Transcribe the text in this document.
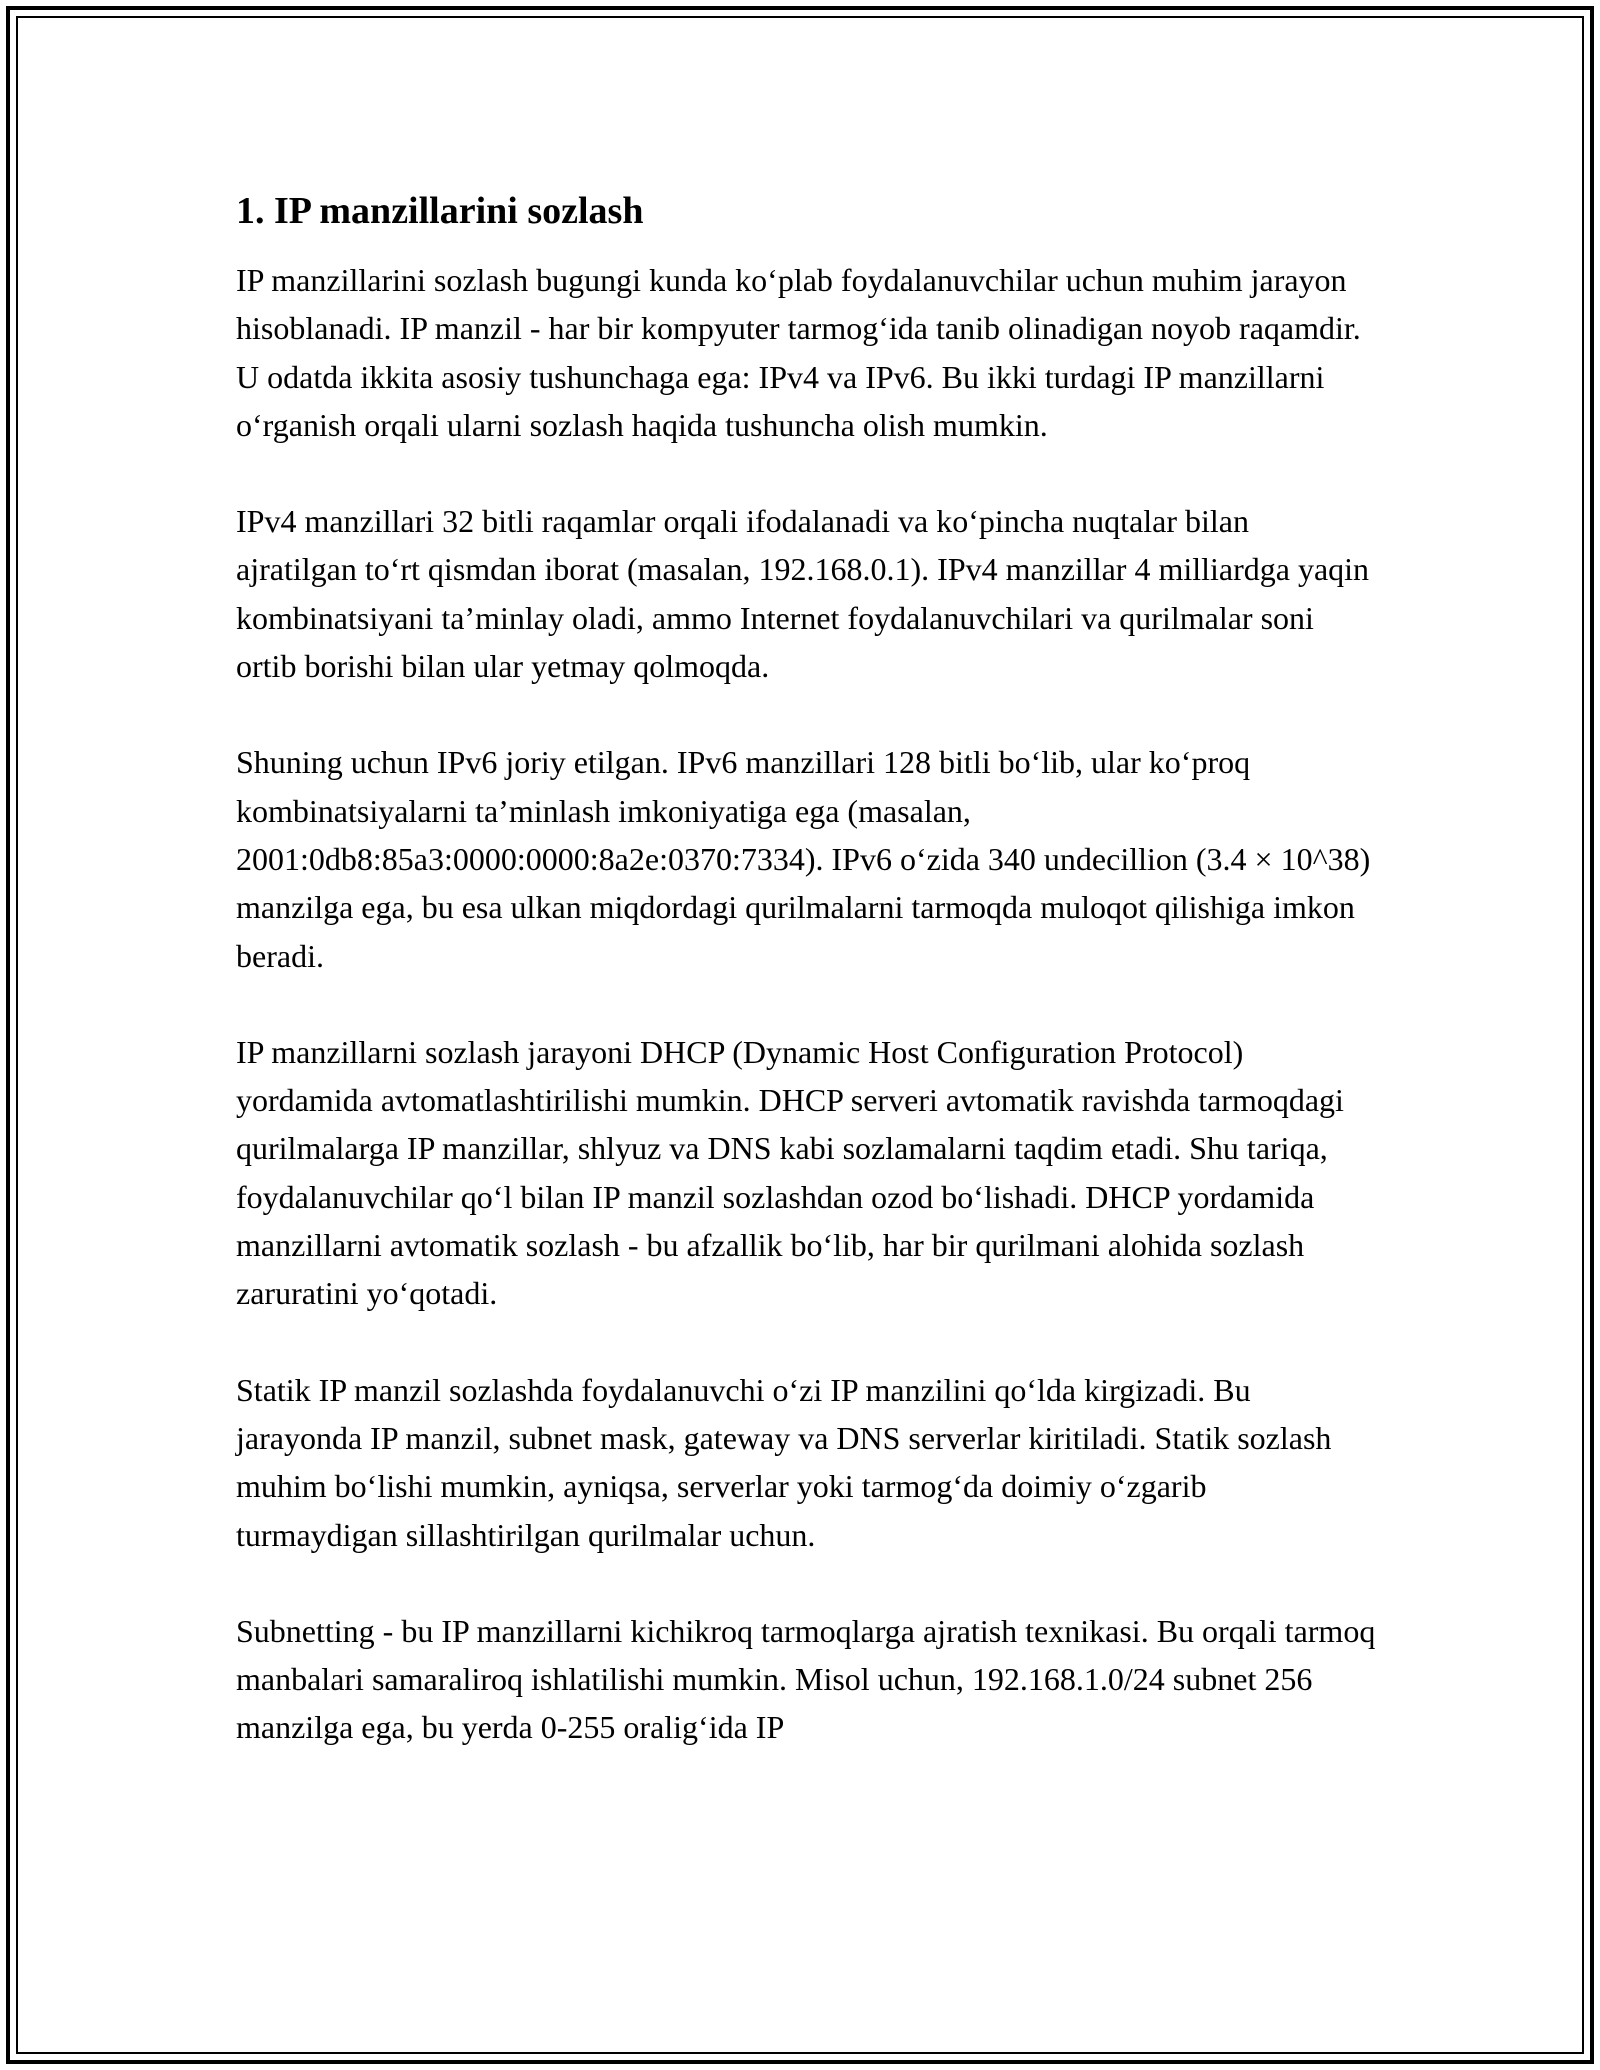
1. IP manzillarini sozlash

IP manzillarini sozlash bugungi kunda ko‘plab foydalanuvchilar uchun muhim jarayon hisoblanadi. IP manzil - har bir kompyuter tarmog‘ida tanib olinadigan noyob raqamdir. U odatda ikkita asosiy tushunchaga ega: IPv4 va IPv6. Bu ikki turdagi IP manzillarni o‘rganish orqali ularni sozlash haqida tushuncha olish mumkin.

IPv4 manzillari 32 bitli raqamlar orqali ifodalanadi va ko‘pincha nuqtalar bilan ajratilgan to‘rt qismdan iborat (masalan, 192.168.0.1). IPv4 manzillar 4 milliardga yaqin kombinatsiyani ta’minlay oladi, ammo Internet foydalanuvchilari va qurilmalar soni ortib borishi bilan ular yetmay qolmoqda.

Shuning uchun IPv6 joriy etilgan. IPv6 manzillari 128 bitli bo‘lib, ular ko‘proq kombinatsiyalarni ta’minlash imkoniyatiga ega (masalan, 2001:0db8:85a3:0000:0000:8a2e:0370:7334). IPv6 o‘zida 340 undecillion (3.4 × 10^38) manzilga ega, bu esa ulkan miqdordagi qurilmalarni tarmoqda muloqot qilishiga imkon beradi.

IP manzillarni sozlash jarayoni DHCP (Dynamic Host Configuration Protocol) yordamida avtomatlashtirilishi mumkin. DHCP serveri avtomatik ravishda tarmoqdagi qurilmalarga IP manzillar, shlyuz va DNS kabi sozlamalarni taqdim etadi. Shu tariqa, foydalanuvchilar qo‘l bilan IP manzil sozlashdan ozod bo‘lishadi. DHCP yordamida manzillarni avtomatik sozlash - bu afzallik bo‘lib, har bir qurilmani alohida sozlash zaruratini yo‘qotadi.

Statik IP manzil sozlashda foydalanuvchi o‘zi IP manzilini qo‘lda kirgizadi. Bu jarayonda IP manzil, subnet mask, gateway va DNS serverlar kiritiladi. Statik sozlash muhim bo‘lishi mumkin, ayniqsa, serverlar yoki tarmog‘da doimiy o‘zgarib turmaydigan sillashtirilgan qurilmalar uchun.

Subnetting - bu IP manzillarni kichikroq tarmoqlarga ajratish texnikasi. Bu orqali tarmoq manbalari samaraliroq ishlatilishi mumkin. Misol uchun, 192.168.1.0/24 subnet 256 manzilga ega, bu yerda 0-255 oralig‘ida IP
